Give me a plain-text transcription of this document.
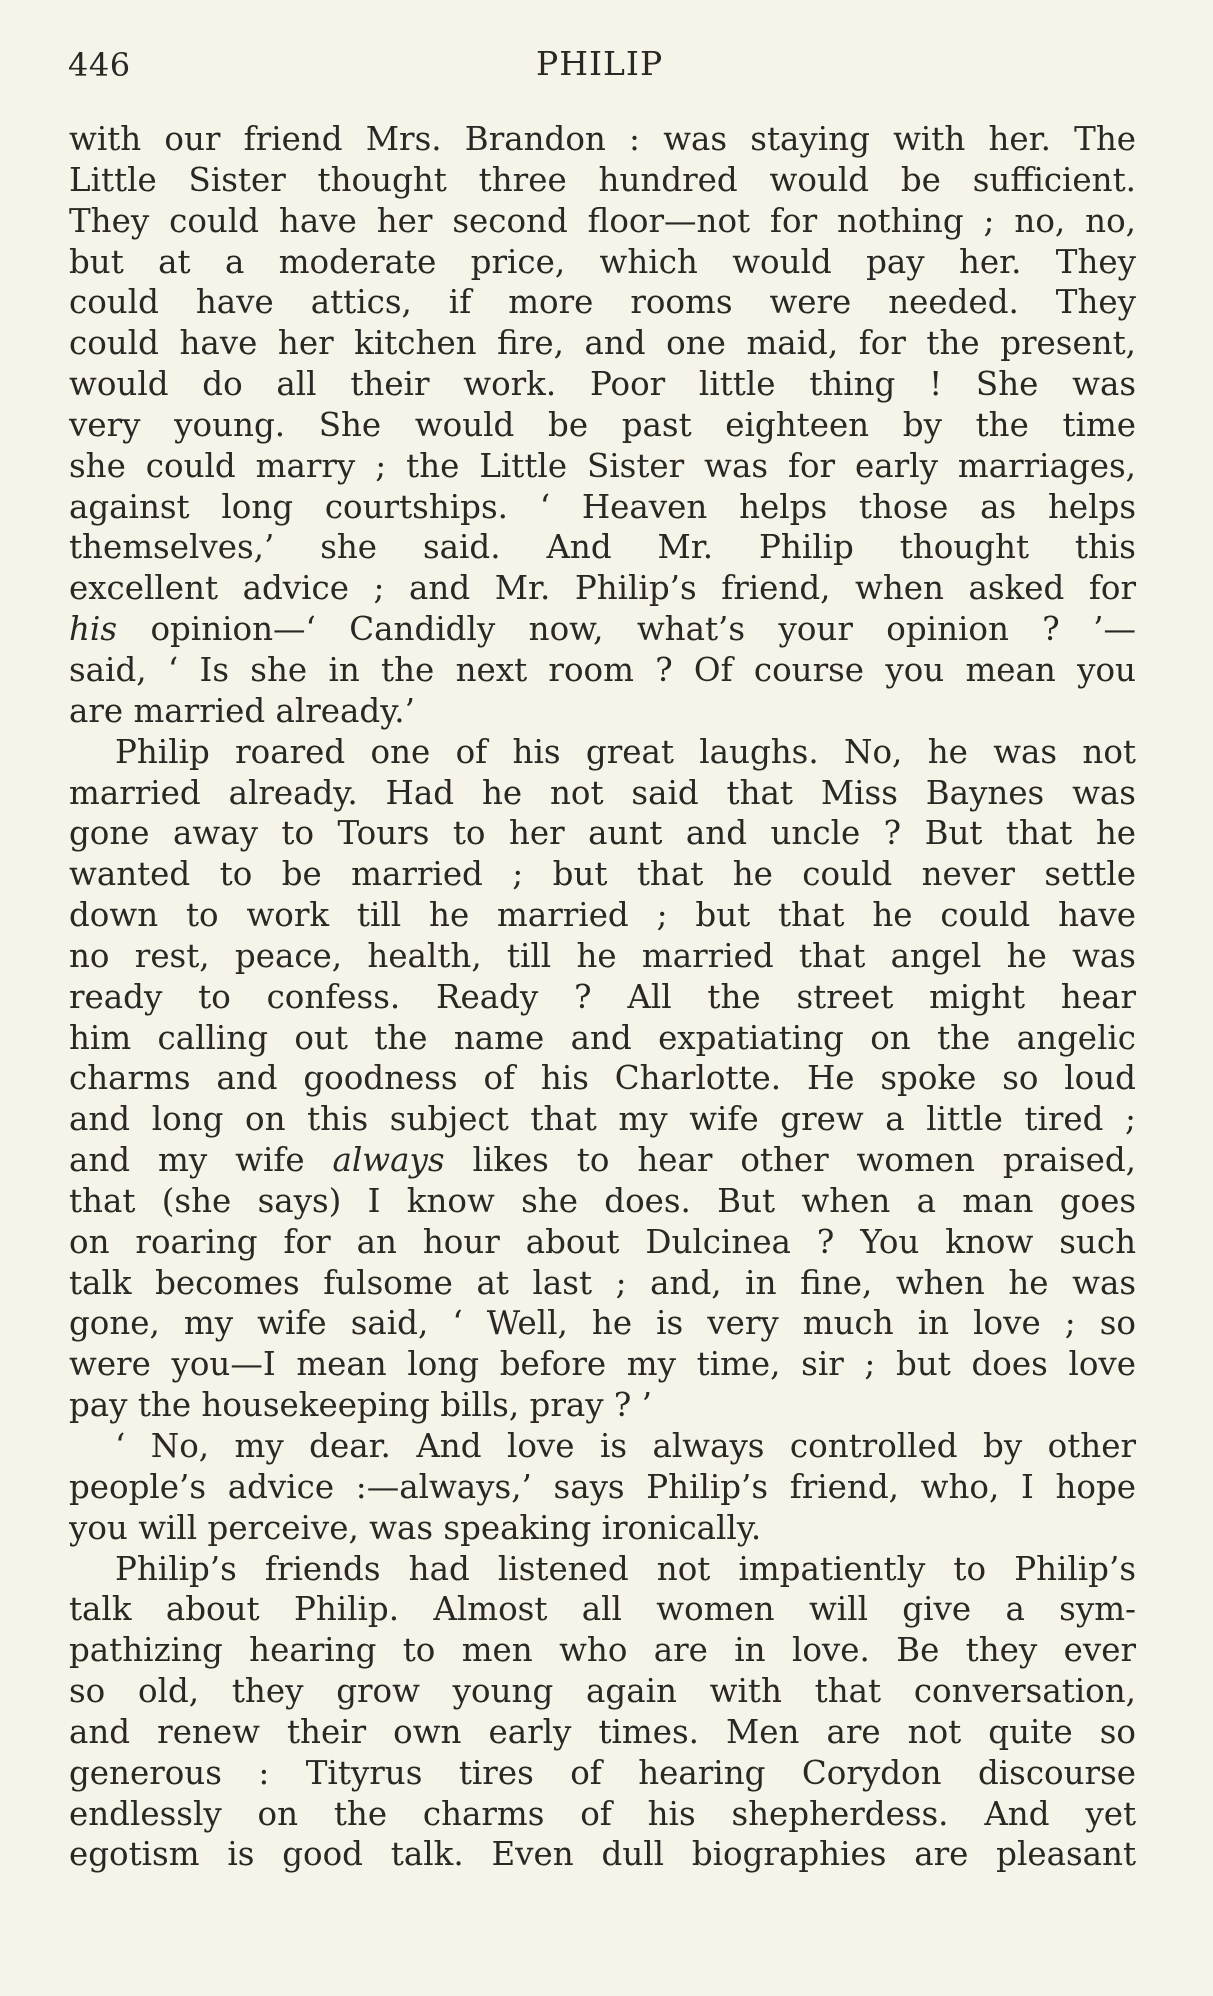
446	PHILIP
with our friend Mrs. Brandon : was staying with her. The
Little Sister thought three hundred would be sufficient.
They could have her second floor—not for nothing ; no, no,
but at a moderate price, which would pay her. They
could have attics, if more rooms were needed. They
could have her kitchen fire, and one maid, for the present,
would do all their work. Poor little thing ! She was
very young. She would be past eighteen by the time
she could marry ; the Little Sister was for early marriages,
against long courtships. ‘ Heaven helps those as helps
themselves,’ she said. And Mr. Philip thought this
excellent advice ; and Mr. Philip’s friend, when asked for
his opinion—‘ Candidly now, what’s your opinion ? ’—
said, ‘ Is she in the next room ? Of course you mean you
are married already.’
Philip roared one of his great laughs. No, he was not
married already. Had he not said that Miss Baynes was
gone away to Tours to her aunt and uncle ? But that he
wanted to be married ; but that he could never settle
down to work till he married ; but that he could have
no rest, peace, health, till he married that angel he was
ready to confess. Ready ? All the street might hear
him calling out the name and expatiating on the angelic
charms and goodness of his Charlotte. He spoke so loud
and long on this subject that my wife grew a little tired ;
and my wife always likes to hear other women praised,
that (she says) I know she does. But when a man goes
on roaring for an hour about Dulcinea ? You know such
talk becomes fulsome at last ; and, in fine, when he was
gone, my wife said, ‘ Well, he is very much in love ; so
were you—I mean long before my time, sir ; but does love
pay the housekeeping bills, pray ? ’
‘ No, my dear. And love is always controlled by other
people’s advice :—always,’ says Philip’s friend, who, I hope
you will perceive, was speaking ironically.
Philip’s friends had listened not impatiently to Philip’s
talk about Philip. Almost all women will give a sym-
pathizing hearing to men who are in love. Be they ever
so old, they grow young again with that conversation,
and renew their own early times. Men are not quite so
generous : Tityrus tires of hearing Corydon discourse
endlessly on the charms of his shepherdess. And yet
egotism is good talk. Even dull biographies are pleasant
